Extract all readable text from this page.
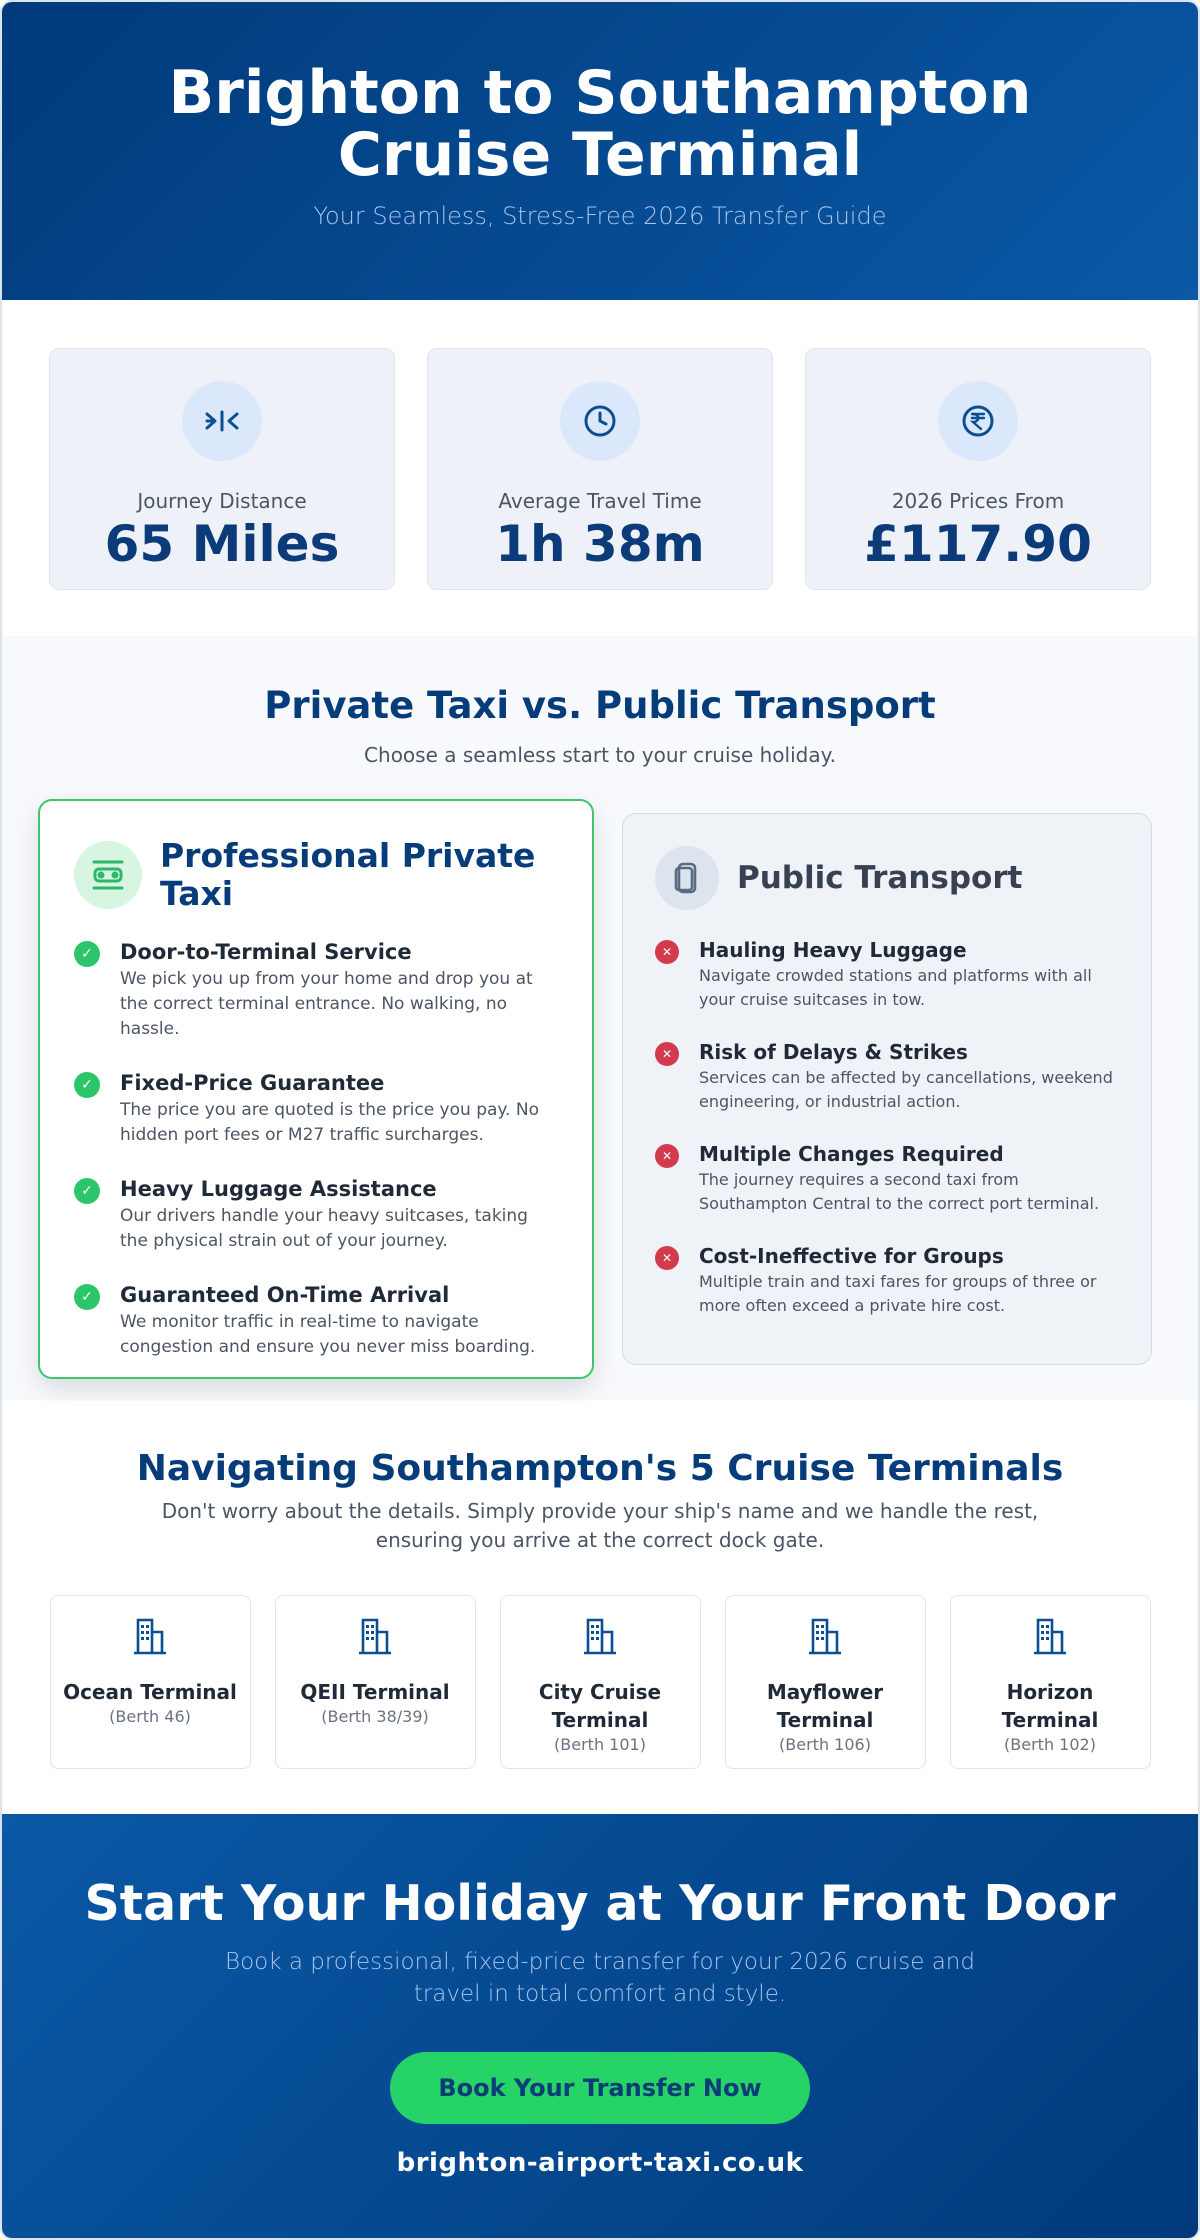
Brighton to Southampton Cruise Terminal

Your Seamless, Stress-Free 2026 Transfer Guide

Journey Distance
65 Miles
Average Travel Time
1h 38m
2026 Prices From
£117.90
Private Taxi vs. Public Transport

Choose a seamless start to your cruise holiday.

Professional Private Taxi
✓	Door-to-Terminal Service
We pick you up from your home and drop you at the correct terminal entrance. No walking, no hassle.
✓	Fixed-Price Guarantee
The price you are quoted is the price you pay. No hidden port fees or M27 traffic surcharges.
✓	Heavy Luggage Assistance
Our drivers handle your heavy suitcases, taking the physical strain out of your journey.
✓	Guaranteed On-Time Arrival
We monitor traffic in real-time to navigate congestion and ensure you never miss boarding.
Public Transport
✕	Hauling Heavy Luggage
Navigate crowded stations and platforms with all your cruise suitcases in tow.
✕	Risk of Delays & Strikes
Services can be affected by cancellations, weekend engineering, or industrial action.
✕	Multiple Changes Required
The journey requires a second taxi from Southampton Central to the correct port terminal.
✕	Cost-Ineffective for Groups
Multiple train and taxi fares for groups of three or more often exceed a private hire cost.
Navigating Southampton's 5 Cruise Terminals

Don't worry about the details. Simply provide your ship's name and we handle the rest, ensuring you arrive at the correct dock gate.

Ocean Terminal
(Berth 46)
QEII Terminal
(Berth 38/39)
City Cruise Terminal
(Berth 101)
Mayflower Terminal
(Berth 106)
Horizon Terminal
(Berth 102)
Start Your Holiday at Your Front Door

Book a professional, fixed-price transfer for your 2026 cruise and travel in total comfort and style.

Book Your Transfer Now
brighton-airport-taxi.co.uk
